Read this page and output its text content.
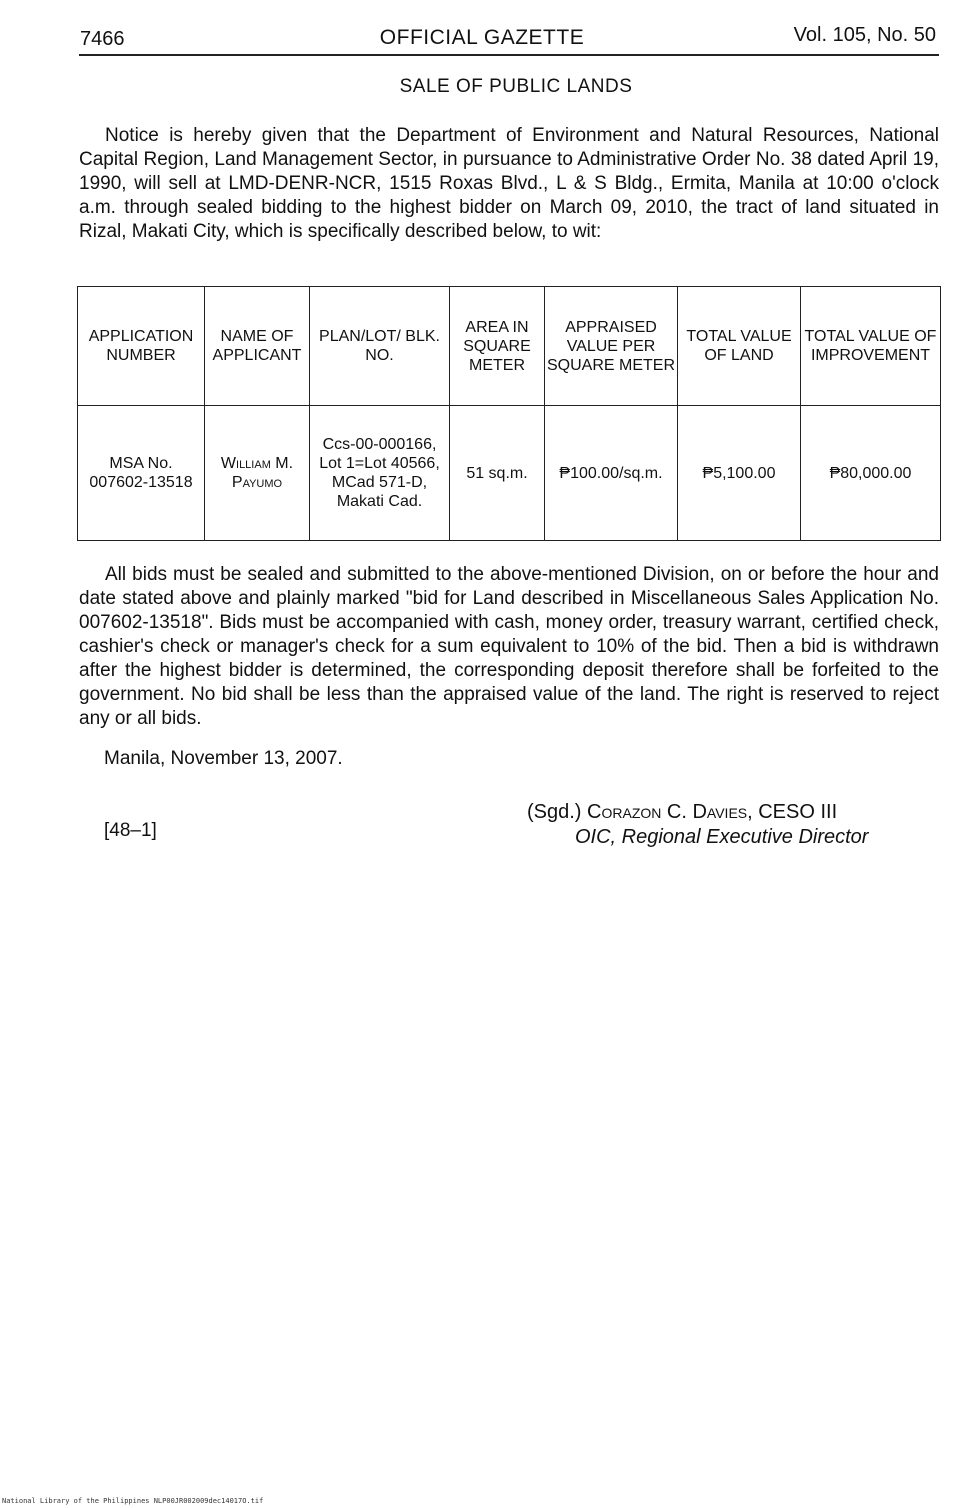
7466	OFFICIAL GAZETTE	Vol. 105, No. 50
SALE OF PUBLIC LANDS
Notice is hereby given that the Department of Environment and Natural Resources, National Capital Region, Land Management Sector, in pursuance to Administrative Order No. 38 dated April 19, 1990, will sell at LMD-DENR-NCR, 1515 Roxas Blvd., L & S Bldg., Ermita, Manila at 10:00 o'clock a.m. through sealed bidding to the highest bidder on March 09, 2010, the tract of land situated in Rizal, Makati City, which is specifically described below, to wit:
APPLICATION NUMBER	NAME OF APPLICANT	PLAN/LOT/ BLK. NO.	AREA IN SQUARE METER	APPRAISED VALUE PER SQUARE METER	TOTAL VALUE OF LAND	TOTAL VALUE OF IMPROVEMENT
MSA No. 007602-13518	William M. Payumo	Ccs-00-000166, Lot 1=Lot 40566, MCad 571-D, Makati Cad.	51 sq.m.	₱100.00/sq.m.	₱5,100.00	₱80,000.00
All bids must be sealed and submitted to the above-mentioned Division, on or before the hour and date stated above and plainly marked "bid for Land described in Miscellaneous Sales Application No. 007602-13518". Bids must be accompanied with cash, money order, treasury warrant, certified check, cashier's check or manager's check for a sum equivalent to 10% of the bid. Then a bid is withdrawn after the highest bidder is determined, the corresponding deposit therefore shall be forfeited to the government. No bid shall be less than the appraised value of the land. The right is reserved to reject any or all bids.
Manila, November 13, 2007.
(Sgd.) Corazon C. Davies, CESO III
OIC, Regional Executive Director
[48–1]
National Library of the Philippines NLP00JR002009dec14017O.tif
